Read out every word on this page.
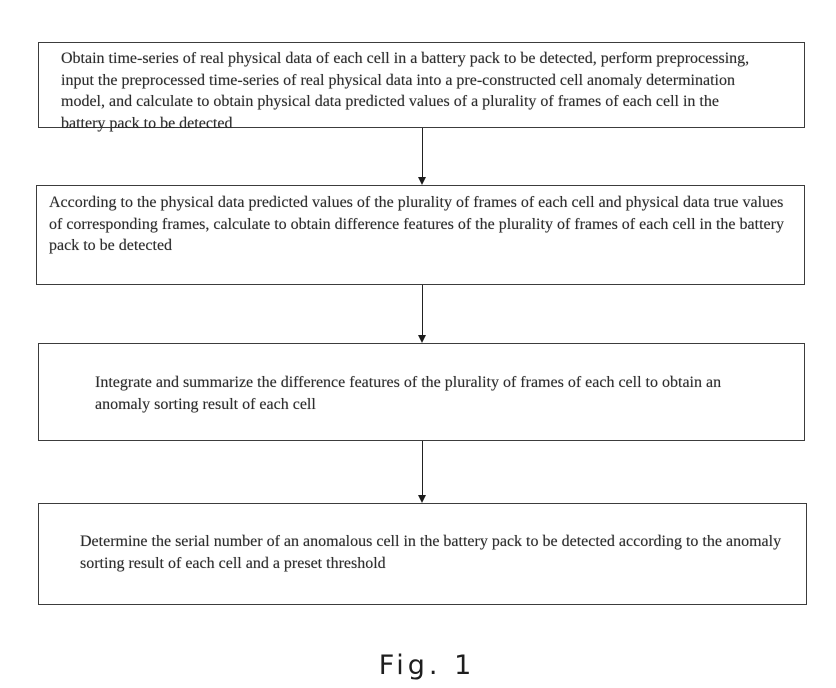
Obtain time-series of real physical data of each cell in a battery pack to be detected, perform preprocessing, input the preprocessed time-series of real physical data into a pre-constructed cell anomaly determination model, and calculate to obtain physical data predicted values of a plurality of frames of each cell in the battery pack to be detected
According to the physical data predicted values of the plurality of frames of each cell and physical data true values of corresponding frames, calculate to obtain difference features of the plurality of frames of each cell in the battery pack to be detected
Integrate and summarize the difference features of the plurality of frames of each cell to obtain an anomaly sorting result of each cell
Determine the serial number of an anomalous cell in the battery pack to be detected according to the anomaly sorting result of each cell and a preset threshold
Fig. 1
